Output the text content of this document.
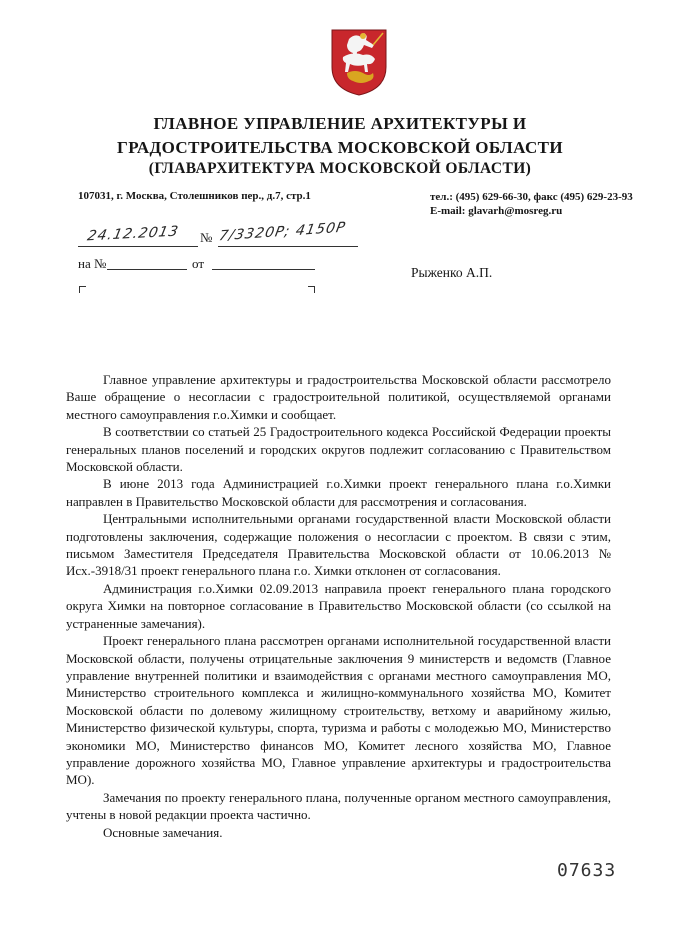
ГЛАВНОЕ УПРАВЛЕНИЕ АРХИТЕКТУРЫ И
ГРАДОСТРОИТЕЛЬСТВА МОСКОВСКОЙ ОБЛАСТИ
(ГЛАВАРХИТЕКТУРА МОСКОВСКОЙ ОБЛАСТИ)
107031, г. Москва, Столешников пер., д.7, стр.1	тел.: (495) 629-66-30, факс (495) 629-23-93
E-mail: glavarh@mosreg.ru
24.12.2013 № 7/3320P; 4150P
на №	от
Рыженко А.П.

Главное управление архитектуры и градостроительства Московской области рассмотрело Ваше обращение о несогласии с градостроительной политикой, осуществляемой органами местного самоуправления г.о.Химки и сообщает.

В соответствии со статьей 25 Градостроительного кодекса Российской Федерации проекты генеральных планов поселений и городских округов подлежит согласованию с Правительством Московской области.

В июне 2013 года Администрацией г.о.Химки проект генерального плана г.о.Химки направлен в Правительство Московской области для рассмотрения и согласования.

Центральными исполнительными органами государственной власти Московской области подготовлены заключения, содержащие положения о несогласии с проектом. В связи с этим, письмом Заместителя Председателя Правительства Московской области от 10.06.2013 № Исх.-3918/31 проект генерального плана г.о. Химки отклонен от согласования.

Администрация г.о.Химки 02.09.2013 направила проект генерального плана городского округа Химки на повторное согласование в Правительство Московской области (со ссылкой на устраненные замечания).

Проект генерального плана рассмотрен органами исполнительной государственной власти Московской области, получены отрицательные заключения 9 министерств и ведомств (Главное управление внутренней политики и взаимодействия с органами местного самоуправления МО, Министерство строительного комплекса и жилищно-коммунального хозяйства МО, Комитет Московской области по долевому жилищному строительству, ветхому и аварийному жилью, Министерство физической культуры, спорта, туризма и работы с молодежью МО, Министерство экономики МО, Министерство финансов МО, Комитет лесного хозяйства МО, Главное управление дорожного хозяйства МО, Главное управление архитектуры и градостроительства МО).

Замечания по проекту генерального плана, полученные органом местного самоуправления, учтены в новой редакции проекта частично.

Основные замечания.

07633
